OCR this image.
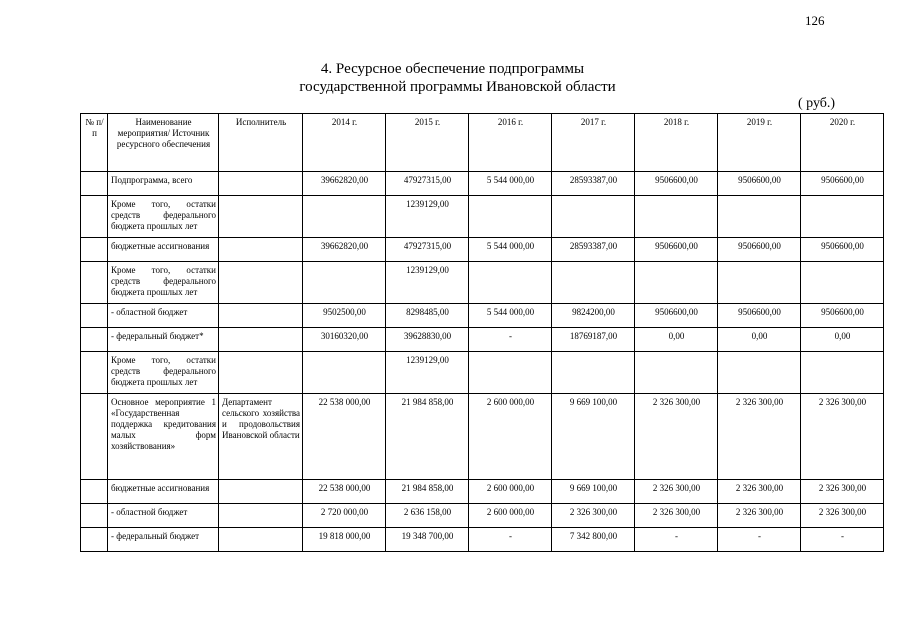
126
4. Ресурсное обеспечение подпрограммы
государственной программы Ивановской области
( руб.)
№ п/п	Наименование мероприятия/ Источник ресурсного обеспечения	Исполнитель	2014 г.	2015 г.	2016 г.	2017 г.	2018 г.	2019 г.	2020 г.
	Подпрограмма, всего		39662820,00	47927315,00	5 544 000,00	28593387,00	9506600,00	9506600,00	9506600,00
	Кроме того, остатки средств федерального бюджета прошлых лет			1239129,00					
	бюджетные ассигнования		39662820,00	47927315,00	5 544 000,00	28593387,00	9506600,00	9506600,00	9506600,00
	Кроме того, остатки средств федерального бюджета прошлых лет			1239129,00					
	- областной бюджет		9502500,00	8298485,00	5 544 000,00	9824200,00	9506600,00	9506600,00	9506600,00
	- федеральный бюджет*		30160320,00	39628830,00	-	18769187,00	0,00	0,00	0,00
	Кроме того, остатки средств федерального бюджета прошлых лет			1239129,00					
	Основное мероприятие 1 «Государственная поддержка кредитования малых форм хозяйствования»	Департамент сельского хозяйства и продовольствия Ивановской области	22 538 000,00	21 984 858,00	2 600 000,00	9 669 100,00	2 326 300,00	2 326 300,00	2 326 300,00
	бюджетные ассигнования		22 538 000,00	21 984 858,00	2 600 000,00	9 669 100,00	2 326 300,00	2 326 300,00	2 326 300,00
	- областной бюджет		2 720 000,00	2 636 158,00	2 600 000,00	2 326 300,00	2 326 300,00	2 326 300,00	2 326 300,00
	- федеральный бюджет		19 818 000,00	19 348 700,00	-	7 342 800,00	-	-	-
